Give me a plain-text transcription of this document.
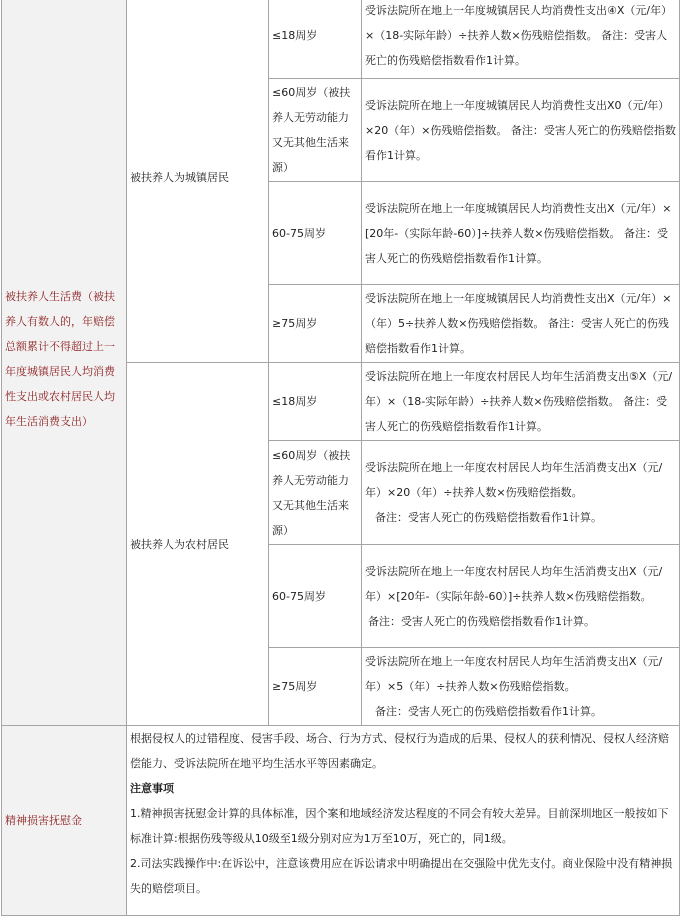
被扶养人生活费（被扶养人有数人的，年赔偿总额累计不得超过上一年度城镇居民人均消费性支出或农村居民人均年生活消费支出）	被扶养人为城镇居民	≤18周岁	受诉法院所在地上一年度城镇居民人均消费性支出④X（元/年）×（18-实际年龄）÷扶养人数×伤残赔偿指数。 备注：受害人死亡的伤残赔偿指数看作1计算。
		≤60周岁（被扶养人无劳动能力又无其他生活来源）	受诉法院所在地上一年度城镇居民人均消费性支出X0（元/年）×20（年）×伤残赔偿指数。 备注：受害人死亡的伤残赔偿指数看作1计算。
		60-75周岁	受诉法院所在地上一年度城镇居民人均消费性支出X（元/年）×[20年-（实际年龄-60）]÷扶养人数×伤残赔偿指数。 备注：受害人死亡的伤残赔偿指数看作1计算。
		≥75周岁	受诉法院所在地上一年度城镇居民人均消费性支出X（元/年）×（年）5÷扶养人数×伤残赔偿指数。 备注：受害人死亡的伤残赔偿指数看作1计算。
	被扶养人为农村居民	≤18周岁	受诉法院所在地上一年度农村居民人均年生活消费支出⑤X（元/年）×（18-实际年龄）÷扶养人数×伤残赔偿指数。 备注：受害人死亡的伤残赔偿指数看作1计算。
		≤60周岁（被扶养人无劳动能力又无其他生活来源）	受诉法院所在地上一年度农村居民人均年生活消费支出X（元/年）×20（年）÷扶养人数×伤残赔偿指数。

备注：受害人死亡的伤残赔偿指数看作1计算。

		60-75周岁	受诉法院所在地上一年度农村居民人均年生活消费支出X（元/年）×[20年-（实际年龄-60）]÷扶养人数×伤残赔偿指数。

备注：受害人死亡的伤残赔偿指数看作1计算。

		≥75周岁	受诉法院所在地上一年度农村居民人均年生活消费支出X（元/年）×5（年）÷扶养人数×伤残赔偿指数。

备注：受害人死亡的伤残赔偿指数看作1计算。

精神损害抚慰金	根据侵权人的过错程度、侵害手段、场合、行为方式、侵权行为造成的后果、侵权人的获利情况、侵权人经济赔偿能力、受诉法院所在地平均生活水平等因素确定。

注意事项

1.精神损害抚慰金计算的具体标准，因个案和地域经济发达程度的不同会有较大差异。目前深圳地区一般按如下标准计算:根据伤残等级从10级至1级分别对应为1万至10万，死亡的，同1级。

2.司法实践操作中:在诉讼中，注意该费用应在诉讼请求中明确提出在交强险中优先支付。商业保险中没有精神损失的赔偿项目。		
